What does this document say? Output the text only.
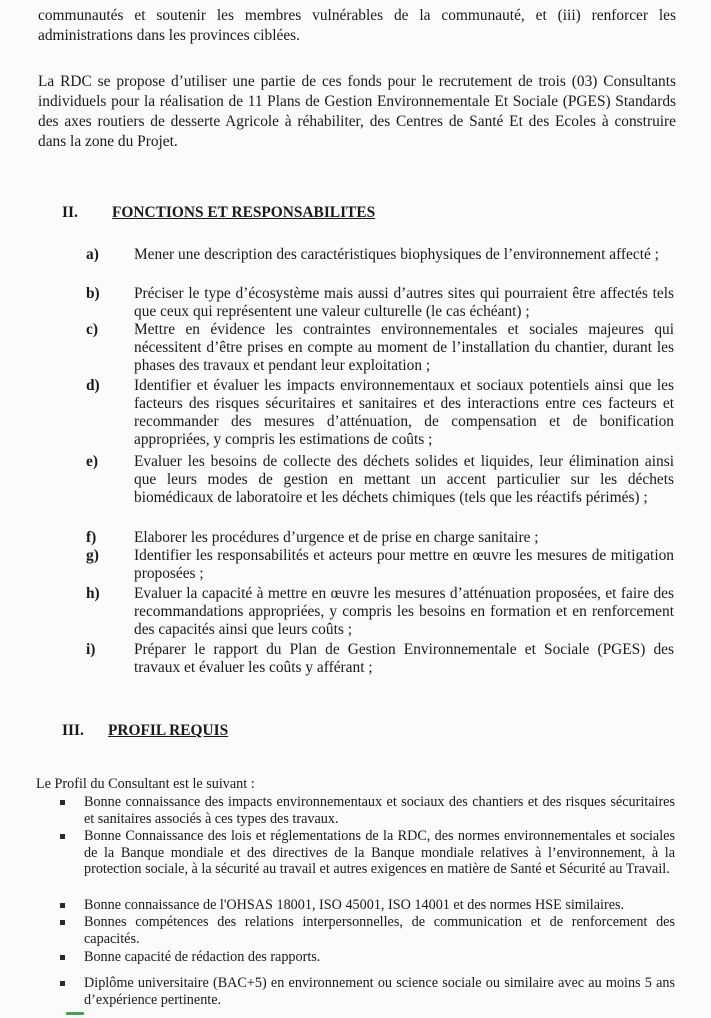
communautés et soutenir les membres vulnérables de la communauté, et (iii) renforcer les administrations dans les provinces ciblées.

La RDC se propose d’utiliser une partie de ces fonds pour le recrutement de trois (03) Consultants individuels pour la réalisation de 11 Plans de Gestion Environnementale Et Sociale (PGES) Standards des axes routiers de desserte Agricole à réhabiliter, des Centres de Santé Et des Ecoles à construire dans la zone du Projet.

II. FONCTIONS ET RESPONSABILITES
a) Mener une description des caractéristiques biophysiques de l’environnement affecté ;
b) Préciser le type d’écosystème mais aussi d’autres sites qui pourraient être affectés tels que ceux qui représentent une valeur culturelle (le cas échéant) ;
c) Mettre en évidence les contraintes environnementales et sociales majeures qui nécessitent d’être prises en compte au moment de l’installation du chantier, durant les phases des travaux et pendant leur exploitation ;
d) Identifier et évaluer les impacts environnementaux et sociaux potentiels ainsi que les facteurs des risques sécuritaires et sanitaires et des interactions entre ces facteurs et recommander des mesures d’atténuation, de compensation et de bonification appropriées, y compris les estimations de coûts ;
e) Evaluer les besoins de collecte des déchets solides et liquides, leur élimination ainsi que leurs modes de gestion en mettant un accent particulier sur les déchets biomédicaux de laboratoire et les déchets chimiques (tels que les réactifs périmés) ;
f) Elaborer les procédures d’urgence et de prise en charge sanitaire ;
g) Identifier les responsabilités et acteurs pour mettre en œuvre les mesures de mitigation proposées ;
h) Evaluer la capacité à mettre en œuvre les mesures d’atténuation proposées, et faire des recommandations appropriées, y compris les besoins en formation et en renforcement des capacités ainsi que leurs coûts ;
i)	Préparer le rapport du Plan de Gestion Environnementale et Sociale (PGES) des travaux et évaluer les coûts y afférant ;
III. PROFIL REQUIS
Le Profil du Consultant est le suivant :
Bonne connaissance des impacts environnementaux et sociaux des chantiers et des risques sécuritaires et sanitaires associés à ces types des travaux.
Bonne Connaissance des lois et réglementations de la RDC, des normes environnementales et sociales de la Banque mondiale et des directives de la Banque mondiale relatives à l’environnement, à la protection sociale, à la sécurité au travail et autres exigences en matière de Santé et Sécurité au Travail.
Bonne connaissance de l'OHSAS 18001, ISO 45001, ISO 14001 et des normes HSE similaires.
Bonnes compétences des relations interpersonnelles, de communication et de renforcement des capacités.
Bonne capacité de rédaction des rapports.
Diplôme universitaire (BAC+5) en environnement ou science sociale ou similaire avec au moins 5 ans d’expérience pertinente.
